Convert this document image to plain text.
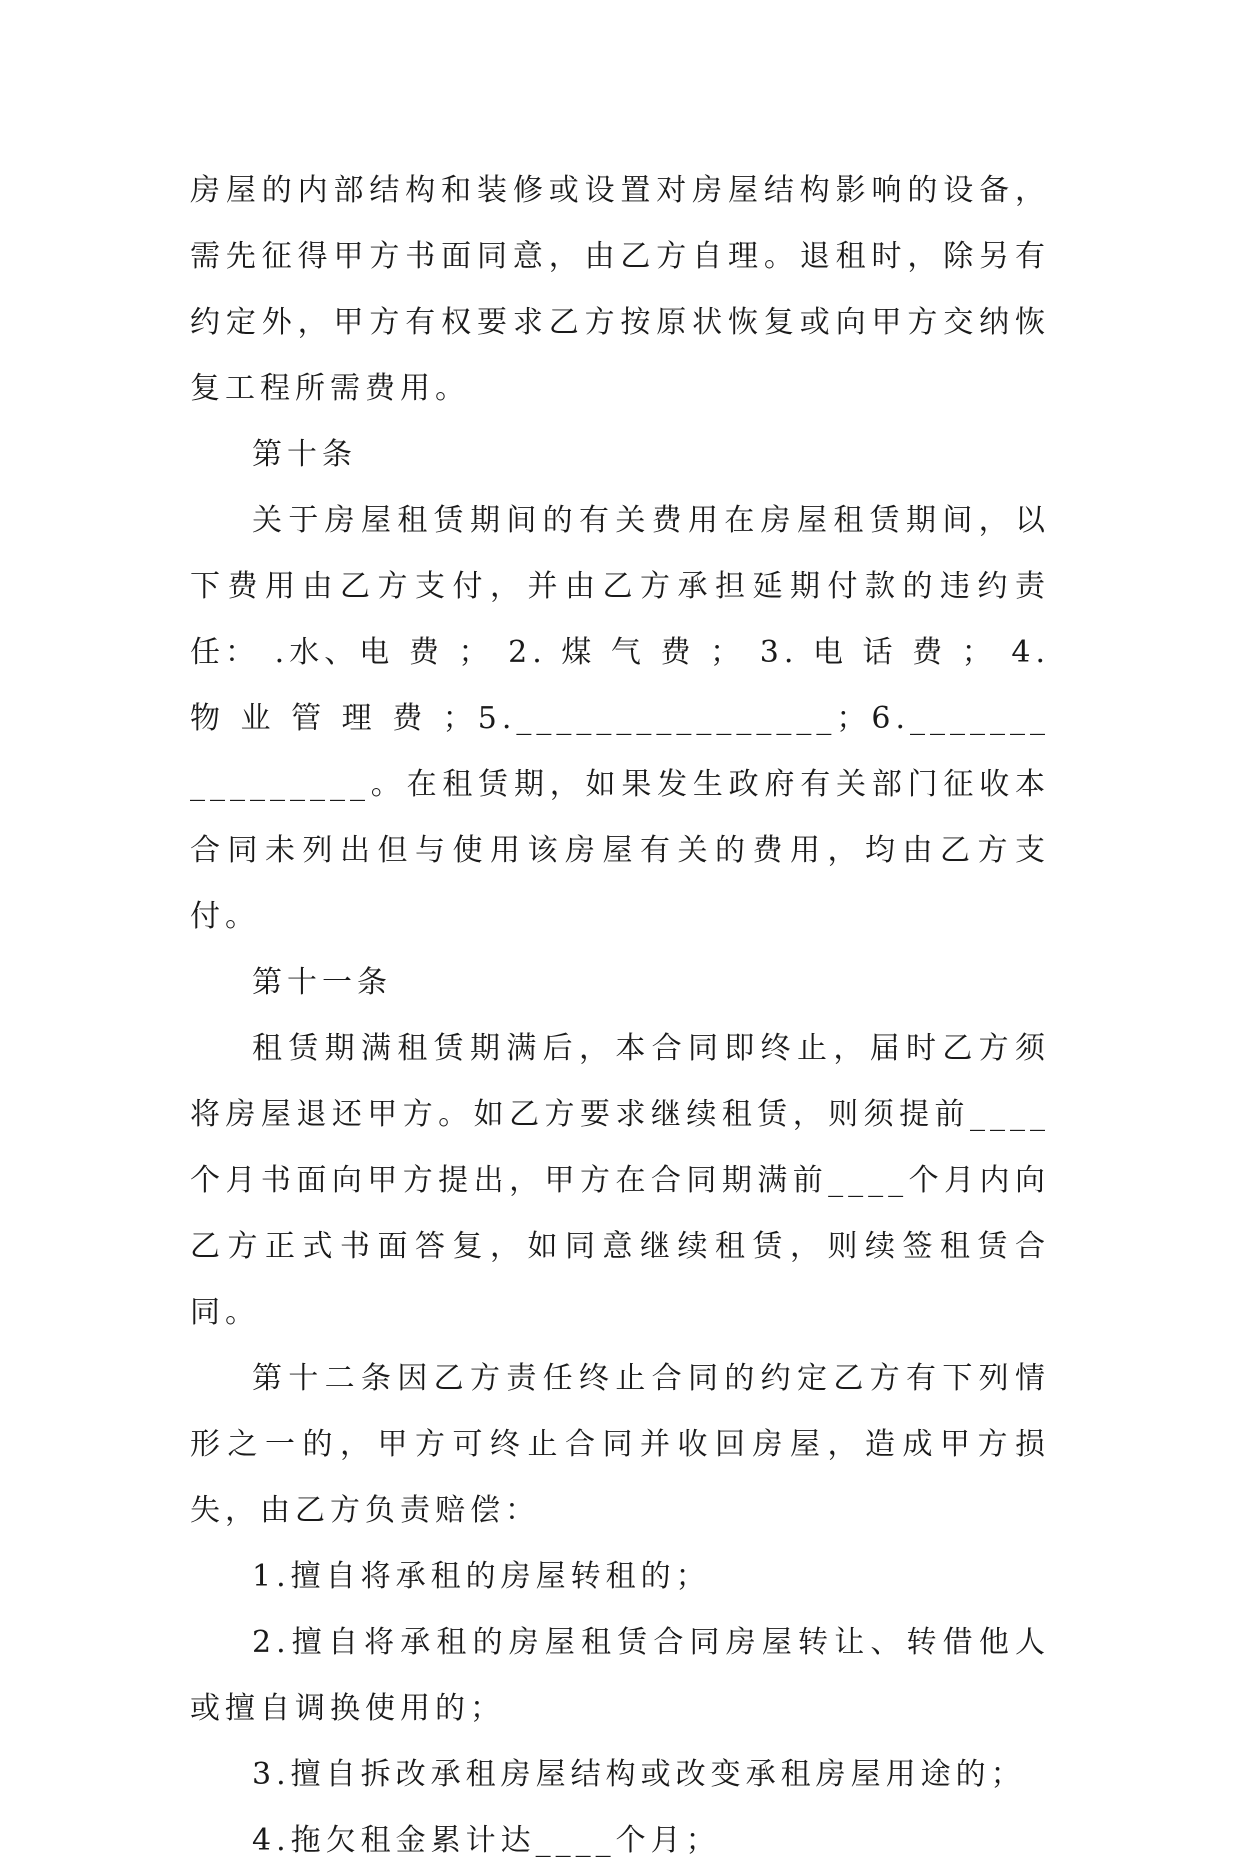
房屋的内部结构和装修或设置对房屋结构影响的设备，需先征得甲方书面同意，由乙方自理。退租时，除另有约定外，甲方有权要求乙方按原状恢复或向甲方交纳恢复工程所需费用。

第十条

关于房屋租赁期间的有关费用在房屋租赁期间，以下费用由乙方支付，并由乙方承担延期付款的违约责任： .水、电 费 ； 2. 煤 气 费 ； 3. 电 话 费 ； 4. 物 业 管 理 费 ；5.________________；6.________________。在租赁期，如果发生政府有关部门征收本合同未列出但与使用该房屋有关的费用，均由乙方支付。

第十一条

租赁期满租赁期满后，本合同即终止，届时乙方须将房屋退还甲方。如乙方要求继续租赁，则须提前____个月书面向甲方提出，甲方在合同期满前____个月内向乙方正式书面答复，如同意继续租赁，则续签租赁合同。

第十二条因乙方责任终止合同的约定乙方有下列情形之一的，甲方可终止合同并收回房屋，造成甲方损失，由乙方负责赔偿：

1.擅自将承租的房屋转租的；

2.擅自将承租的房屋租赁合同房屋转让、转借他人或擅自调换使用的；

3.擅自拆改承租房屋结构或改变承租房屋用途的；

4.拖欠租金累计达____个月；
